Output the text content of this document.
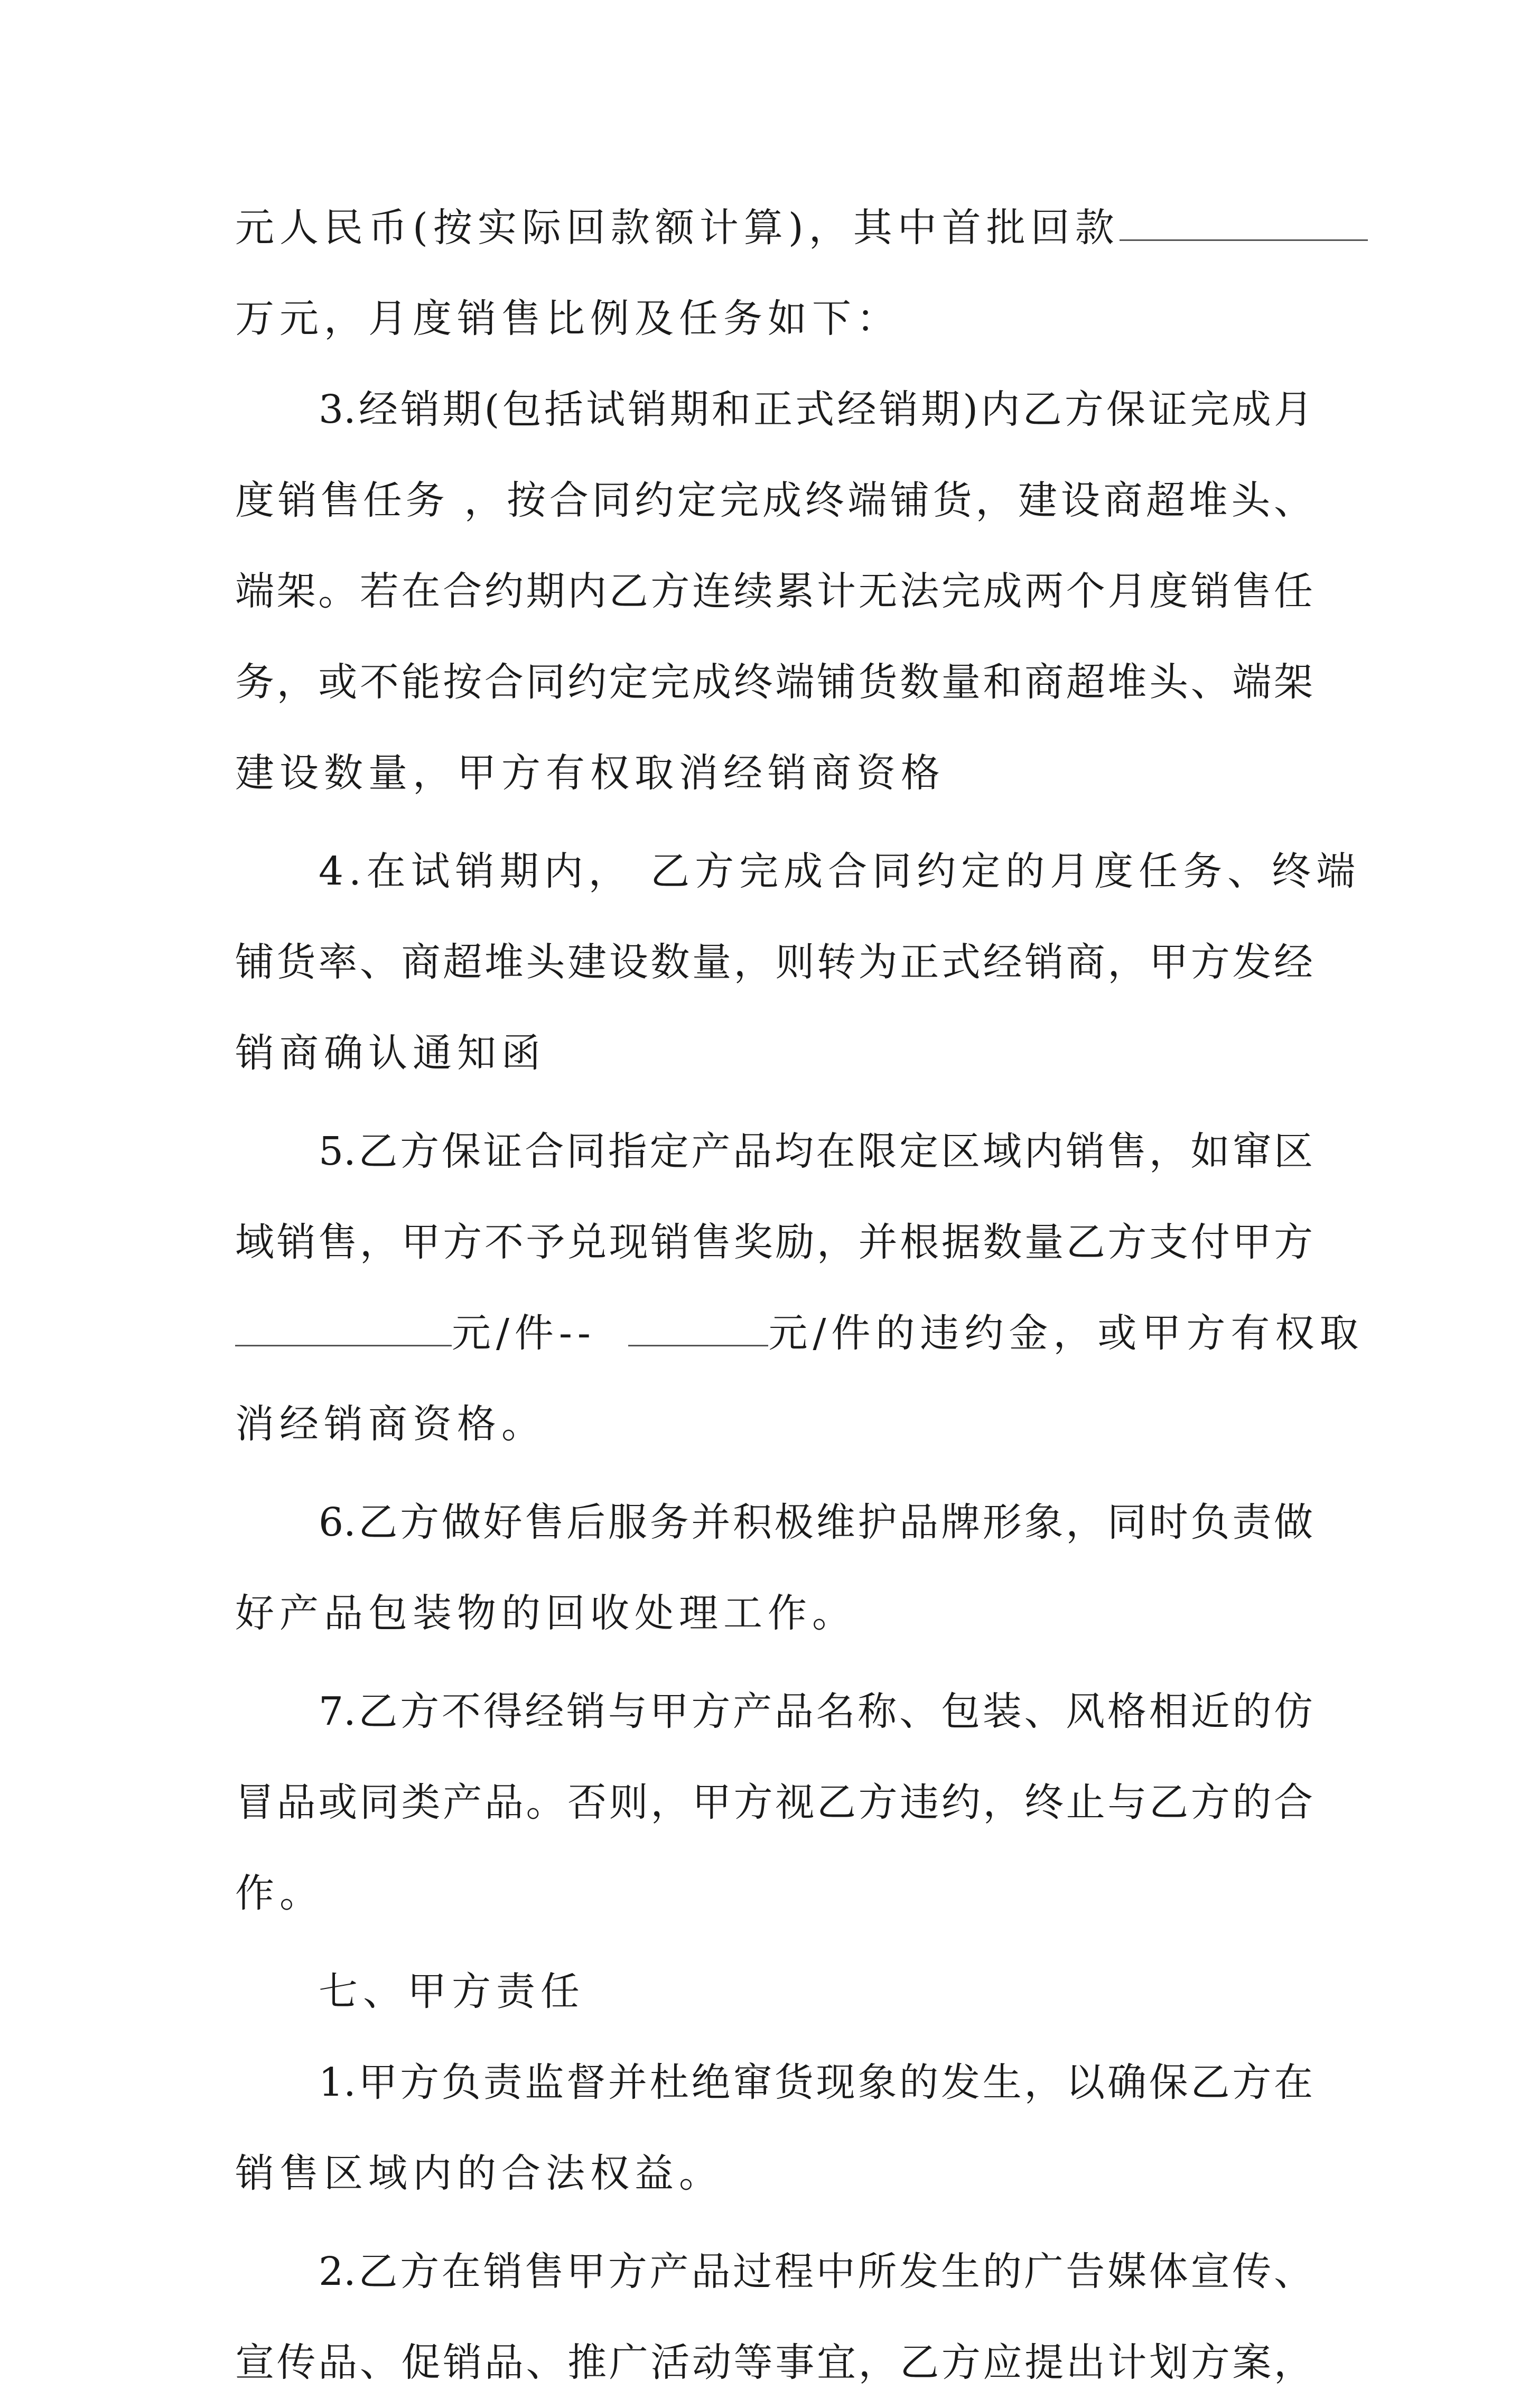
元人民币(按实际回款额计算)，其中首批回款
万元，月度销售比例及任务如下：
3.经销期(包括试销期和正式经销期)内乙方保证完成月
度销售任务 ，按合同约定完成终端铺货，建设商超堆头、
端架。若在合约期内乙方连续累计无法完成两个月度销售任
务，或不能按合同约定完成终端铺货数量和商超堆头、端架
建设数量，甲方有权取消经销商资格
4.在试销期内， 乙方完成合同约定的月度任务、终端
铺货率、商超堆头建设数量，则转为正式经销商，甲方发经
销商确认通知函
5.乙方保证合同指定产品均在限定区域内销售，如窜区
域销售，甲方不予兑现销售奖励，并根据数量乙方支付甲方
元/件--	元/件的违约金，或甲方有权取
消经销商资格。
6.乙方做好售后服务并积极维护品牌形象，同时负责做
好产品包装物的回收处理工作。
7.乙方不得经销与甲方产品名称、包装、风格相近的仿
冒品或同类产品。否则，甲方视乙方违约，终止与乙方的合
作。
七、甲方责任
1.甲方负责监督并杜绝窜货现象的发生，以确保乙方在
销售区域内的合法权益。
2.乙方在销售甲方产品过程中所发生的广告媒体宣传、
宣传品、促销品、推广活动等事宜，乙方应提出计划方案，
